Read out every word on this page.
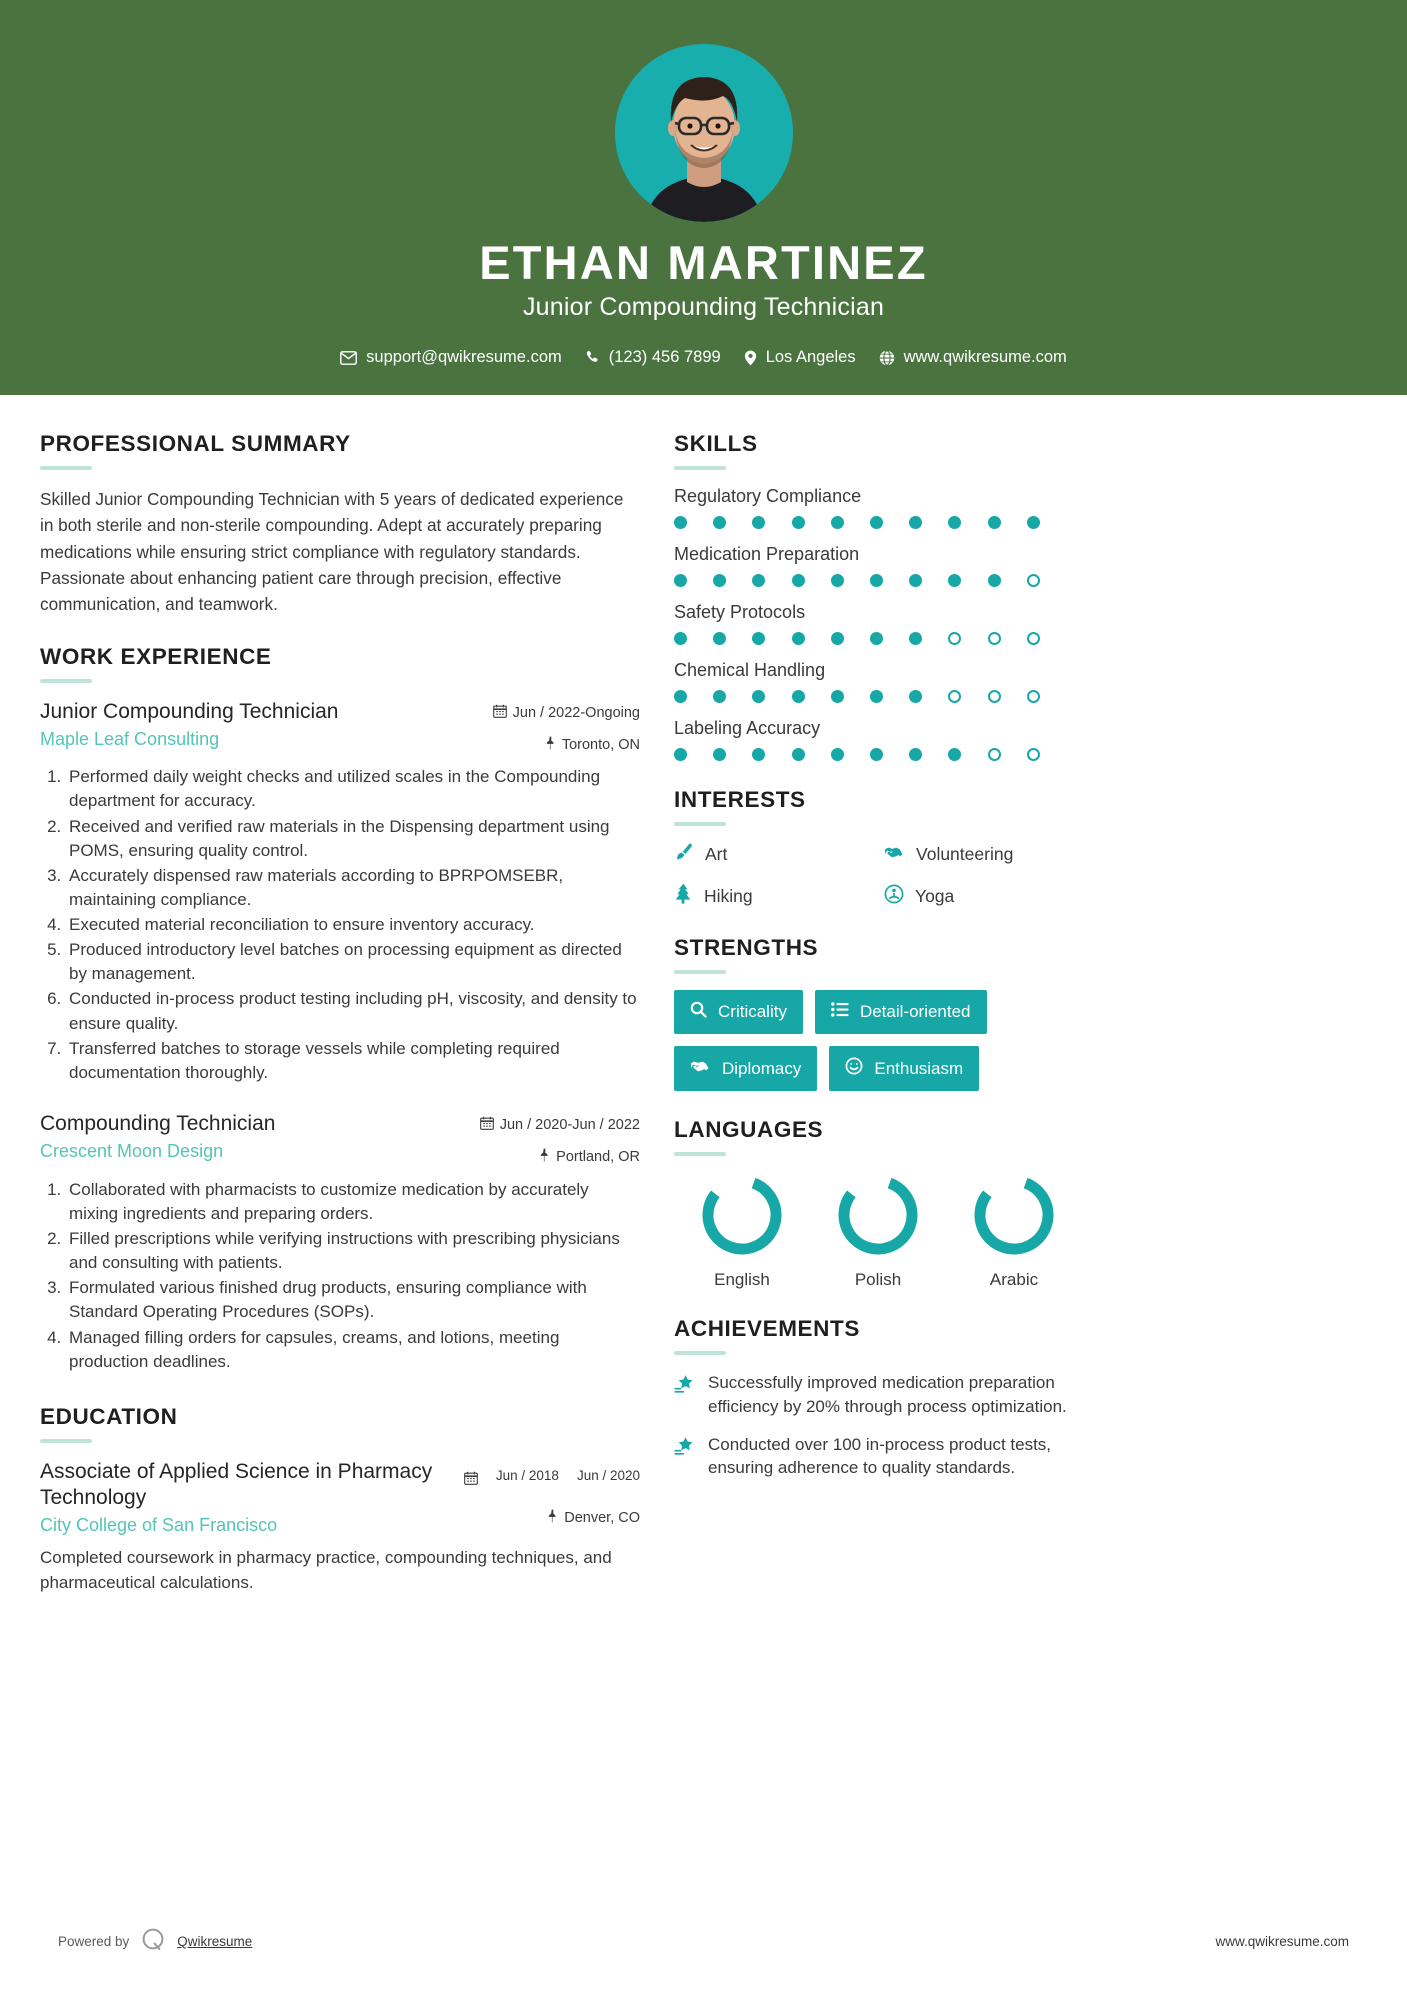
ETHAN MARTINEZ
Junior Compounding Technician
support@qwikresume.com	(123) 456 7899	Los Angeles	www.qwikresume.com
PROFESSIONAL SUMMARY

Skilled Junior Compounding Technician with 5 years of dedicated experience in both sterile and non-sterile compounding. Adept at accurately preparing medications while ensuring strict compliance with regulatory standards. Passionate about enhancing patient care through precision, effective communication, and teamwork.

WORK EXPERIENCE
Junior Compounding Technician
Maple Leaf Consulting
Jun / 2022-Ongoing
Toronto, ON
1. Performed daily weight checks and utilized scales in the Compounding department for accuracy.
2. Received and verified raw materials in the Dispensing department using POMS, ensuring quality control.
3. Accurately dispensed raw materials according to BPRPOMSEBR, maintaining compliance.
4. Executed material reconciliation to ensure inventory accuracy.
5. Produced introductory level batches on processing equipment as directed by management.
6. Conducted in-process product testing including pH, viscosity, and density to ensure quality.
7. Transferred batches to storage vessels while completing required documentation thoroughly.
Compounding Technician
Crescent Moon Design
Jun / 2020-Jun / 2022
Portland, OR
1. Collaborated with pharmacists to customize medication by accurately mixing ingredients and preparing orders.
2. Filled prescriptions while verifying instructions with prescribing physicians and consulting with patients.
3. Formulated various finished drug products, ensuring compliance with Standard Operating Procedures (SOPs).
4. Managed filling orders for capsules, creams, and lotions, meeting production deadlines.
EDUCATION
Associate of Applied Science in Pharmacy Technology
City College of San Francisco
Jun / 2018 Jun / 2020
Denver, CO

Completed coursework in pharmacy practice, compounding techniques, and pharmaceutical calculations.

SKILLS
Regulatory Compliance
Medication Preparation
Safety Protocols
Chemical Handling
Labeling Accuracy
INTERESTS
Art	Volunteering
Hiking	Yoga
STRENGTHS
Criticality	Detail-oriented
Diplomacy	Enthusiasm
LANGUAGES
English	Polish	Arabic
ACHIEVEMENTS
Successfully improved medication preparation efficiency by 20% through process optimization.
Conducted over 100 in-process product tests, ensuring adherence to quality standards.
Powered by	Qwikresume	www.qwikresume.com
